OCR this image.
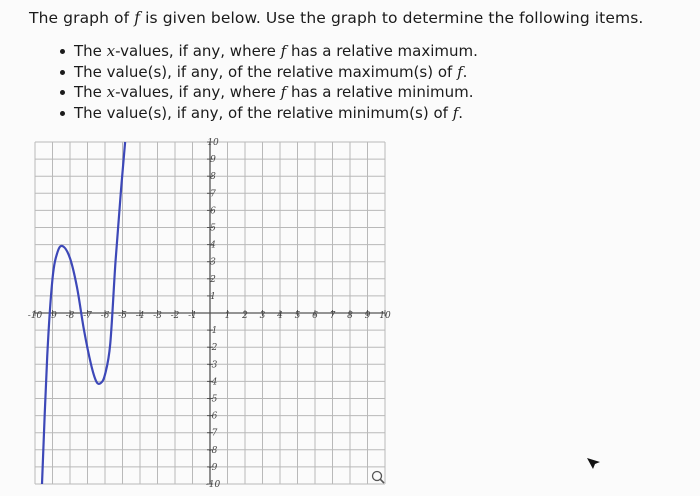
The graph of f is given below. Use the graph to determine the following items.
The x-values, if any, where f has a relative maximum.
The value(s), if any, of the relative maximum(s) of f.
The x-values, if any, where f has a relative minimum.
The value(s), if any, of the relative minimum(s) of f.
-10 -9 -8 -7 -6 -5 -4 -3 -2 -1	1 2 3 4 5 6 7 8 9 10
10
9
8
7
6
5
4
3
2
1
-1
-2
-3
-4
-5
-6
-7
-8
-9
-10
